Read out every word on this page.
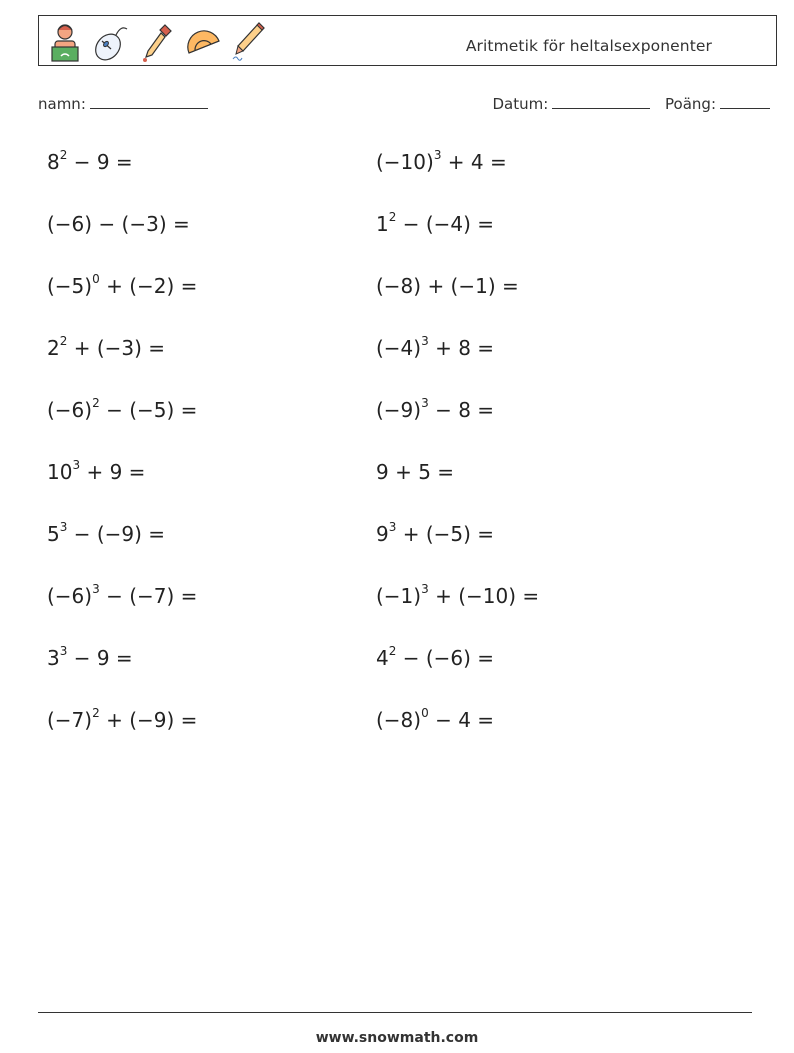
Aritmetik för heltalsexponenter
namn:	Datum:	Poäng:
$8^2 - 9$ =
(−6) − (−3) =
$(-5)^0 + (-2)$ =
$2^2 + (-3)$ =
$(-6)^2 - (-5)$ =
$10^3 + 9$ =
$5^3 - (-9)$ =
$(-6)^3 - (-7)$ =
$3^3 - 9$ =
$(-7)^2 + (-9)$ =
$(-10)^3 + 4$ =
$1^2 - (-4)$ =
(−8) + (−1) =
$(-4)^3 + 8$ =
$(-9)^3 - 8$ =
9 + 5 =
$9^3 + (-5)$ =
$(-1)^3 + (-10)$ =
$4^2 - (-6)$ =
$(-8)^0 - 4$ =
www.snowmath.com
